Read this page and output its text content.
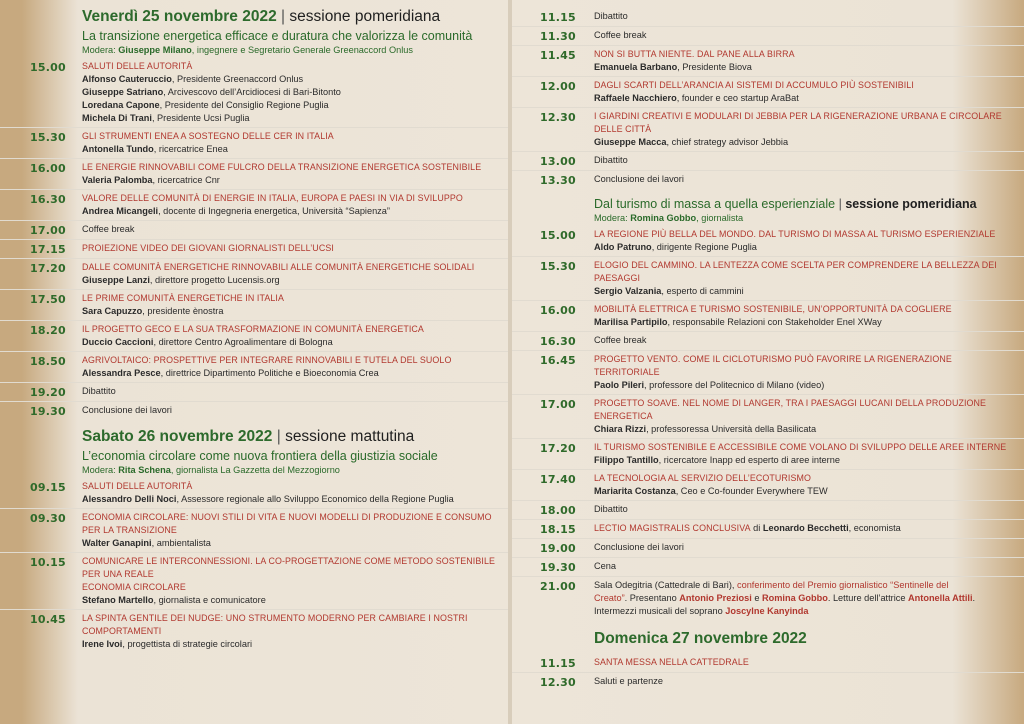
Venerdì 25 novembre 2022 | sessione pomeridiana
La transizione energetica efficace e duratura che valorizza le comunità
Modera: Giuseppe Milano, ingegnere e Segretario Generale Greenaccord Onlus
15.00	SALUTI DELLE AUTORITÀ
Alfonso Cauteruccio, Presidente Greenaccord Onlus
Giuseppe Satriano, Arcivescovo dell’Arcidiocesi di Bari-Bitonto
Loredana Capone, Presidente del Consiglio Regione Puglia
Michela Di Trani, Presidente Ucsi Puglia
15.30	GLI STRUMENTI ENEA A SOSTEGNO DELLE CER IN ITALIA
Antonella Tundo, ricercatrice Enea
16.00	LE ENERGIE RINNOVABILI COME FULCRO DELLA TRANSIZIONE ENERGETICA SOSTENIBILE
Valeria Palomba, ricercatrice Cnr
16.30	VALORE DELLE COMUNITÀ DI ENERGIE IN ITALIA, EUROPA E PAESI IN VIA DI SVILUPPO
Andrea Micangeli, docente di Ingegneria energetica, Università “Sapienza”
17.00	Coffee break
17.15	PROIEZIONE VIDEO DEI GIOVANI GIORNALISTI DELL’UCSI
17.20	DALLE COMUNITÀ ENERGETICHE RINNOVABILI ALLE COMUNITÀ ENERGETICHE SOLIDALI
Giuseppe Lanzi, direttore progetto Lucensis.org
17.50	LE PRIME COMUNITÀ ENERGETICHE IN ITALIA
Sara Capuzzo, presidente ènostra
18.20	IL PROGETTO GECO E LA SUA TRASFORMAZIONE IN COMUNITÀ ENERGETICA
Duccio Caccioni, direttore Centro Agroalimentare di Bologna
18.50	AGRIVOLTAICO: PROSPETTIVE PER INTEGRARE RINNOVABILI E TUTELA DEL SUOLO
Alessandra Pesce, direttrice Dipartimento Politiche e Bioeconomia Crea
19.20	Dibattito
19.30	Conclusione dei lavori
Sabato 26 novembre 2022 | sessione mattutina
L’economia circolare come nuova frontiera della giustizia sociale
Modera: Rita Schena, giornalista La Gazzetta del Mezzogiorno
09.15	SALUTI DELLE AUTORITÀ
Alessandro Delli Noci, Assessore regionale allo Sviluppo Economico della Regione Puglia
09.30	ECONOMIA CIRCOLARE: NUOVI STILI DI VITA E NUOVI MODELLI DI PRODUZIONE E CONSUMO PER LA TRANSIZIONE
Walter Ganapini, ambientalista
10.15	COMUNICARE LE INTERCONNESSIONI. LA CO-PROGETTAZIONE COME METODO SOSTENIBILE PER UNA REALE
ECONOMIA CIRCOLARE
Stefano Martello, giornalista e comunicatore
10.45	LA SPINTA GENTILE DEI NUDGE: UNO STRUMENTO MODERNO PER CAMBIARE I NOSTRI COMPORTAMENTI
Irene Ivoi, progettista di strategie circolari
11.15	Dibattito
11.30	Coffee break
11.45	NON SI BUTTA NIENTE. DAL PANE ALLA BIRRA
Emanuela Barbano, Presidente Biova
12.00	DAGLI SCARTI DELL’ARANCIA AI SISTEMI DI ACCUMULO PIÙ SOSTENIBILI
Raffaele Nacchiero, founder e ceo startup AraBat
12.30	I GIARDINI CREATIVI E MODULARI DI JEBBIA PER LA RIGENERAZIONE URBANA E CIRCOLARE DELLE CITTÀ
Giuseppe Macca, chief strategy advisor Jebbia
13.00	Dibattito
13.30	Conclusione dei lavori
Dal turismo di massa a quella esperienziale | sessione pomeridiana
Modera: Romina Gobbo, giornalista
15.00	LA REGIONE PIÙ BELLA DEL MONDO. DAL TURISMO DI MASSA AL TURISMO ESPERIENZIALE
Aldo Patruno, dirigente Regione Puglia
15.30	ELOGIO DEL CAMMINO. LA LENTEZZA COME SCELTA PER COMPRENDERE LA BELLEZZA DEI PAESAGGI
Sergio Valzania, esperto di cammini
16.00	MOBILITÀ ELETTRICA E TURISMO SOSTENIBILE, UN’OPPORTUNITÀ DA COGLIERE
Marilisa Partipilo, responsabile Relazioni con Stakeholder Enel XWay
16.30	Coffee break
16.45	PROGETTO VENTO. COME IL CICLOTURISMO PUÒ FAVORIRE LA RIGENERAZIONE TERRITORIALE
Paolo Pileri, professore del Politecnico di Milano (video)
17.00	PROGETTO SOAVE. NEL NOME DI LANGER, TRA I PAESAGGI LUCANI DELLA PRODUZIONE ENERGETICA
Chiara Rizzi, professoressa Università della Basilicata
17.20	IL TURISMO SOSTENIBILE E ACCESSIBILE COME VOLANO DI SVILUPPO DELLE AREE INTERNE
Filippo Tantillo, ricercatore Inapp ed esperto di aree interne
17.40	LA TECNOLOGIA AL SERVIZIO DELL’ECOTURISMO
Mariarita Costanza, Ceo e Co-founder Everywhere TEW
18.00	Dibattito
18.15	LECTIO MAGISTRALIS CONCLUSIVA di Leonardo Becchetti, economista
19.00	Conclusione dei lavori
19.30	Cena
21.00	Sala Odegitria (Cattedrale di Bari), conferimento del Premio giornalistico “Sentinelle del
Creato”. Presentano Antonio Preziosi e Romina Gobbo. Letture dell’attrice Antonella Attili.
Intermezzi musicali del soprano Joscylne Kanyinda
Domenica 27 novembre 2022
11.15	SANTA MESSA NELLA CATTEDRALE
12.30	Saluti e partenze
